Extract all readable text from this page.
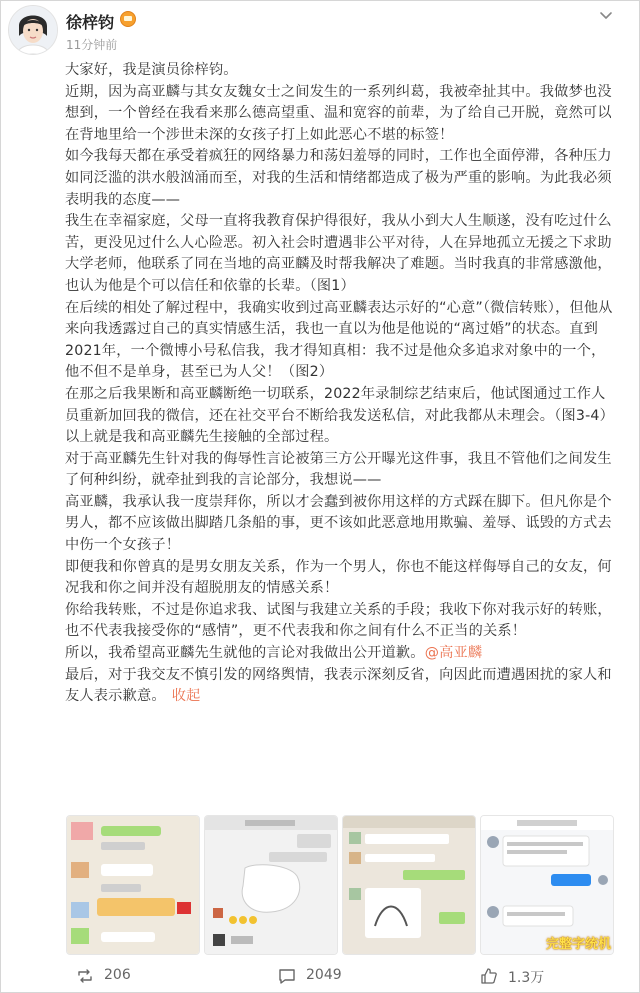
徐梓钧
11分钟前

大家好，我是演员徐梓钧。

近期，因为高亚麟与其女友魏女士之间发生的一系列纠葛，我被牵扯其中。我做梦也没想到，一个曾经在我看来那么德高望重、温和宽容的前辈，为了给自己开脱，竟然可以在背地里给一个涉世未深的女孩子打上如此恶心不堪的标签！

如今我每天都在承受着疯狂的网络暴力和荡妇羞辱的同时，工作也全面停滞，各种压力如同泛滥的洪水般汹涌而至，对我的生活和情绪都造成了极为严重的影响。为此我必须表明我的态度——

我生在幸福家庭，父母一直将我教育保护得很好，我从小到大人生顺遂，没有吃过什么苦，更没见过什么人心险恶。初入社会时遭遇非公平对待，人在异地孤立无援之下求助大学老师，他联系了同在当地的高亚麟及时帮我解决了难题。当时我真的非常感激他，也认为他是个可以信任和依靠的长辈。（图1）

在后续的相处了解过程中，我确实收到过高亚麟表达示好的“心意”（微信转账），但他从来向我透露过自己的真实情感生活，我也一直以为他是他说的“离过婚”的状态。直到2021年，一个微博小号私信我，我才得知真相：我不过是他众多追求对象中的一个，他不但不是单身，甚至已为人父！（图2）

在那之后我果断和高亚麟断绝一切联系，2022年录制综艺结束后，他试图通过工作人员重新加回我的微信，还在社交平台不断给我发送私信，对此我都从未理会。（图3-4）

以上就是我和高亚麟先生接触的全部过程。

对于高亚麟先生针对我的侮辱性言论被第三方公开曝光这件事，我且不管他们之间发生了何种纠纷，就牵扯到我的言论部分，我想说——

高亚麟，我承认我一度崇拜你，所以才会蠢到被你用这样的方式踩在脚下。但凡你是个男人，都不应该做出脚踏几条船的事，更不该如此恶意地用欺骗、羞辱、诋毁的方式去中伤一个女孩子！

即便我和你曾真的是男女朋友关系，作为一个男人，你也不能这样侮辱自己的女友，何况我和你之间并没有超脱朋友的情感关系！

你给我转账，不过是你追求我、试图与我建立关系的手段；我收下你对我示好的转账，也不代表我接受你的“感情”，更不代表我和你之间有什么不正当的关系！

所以，我希望高亚麟先生就他的言论对我做出公开道歉。@高亚麟

最后，对于我交友不慎引发的网络舆情，我表示深刻反省，向因此而遭遇困扰的家人和友人表示歉意。 收起

完整字统机
206	2049	1.3万
